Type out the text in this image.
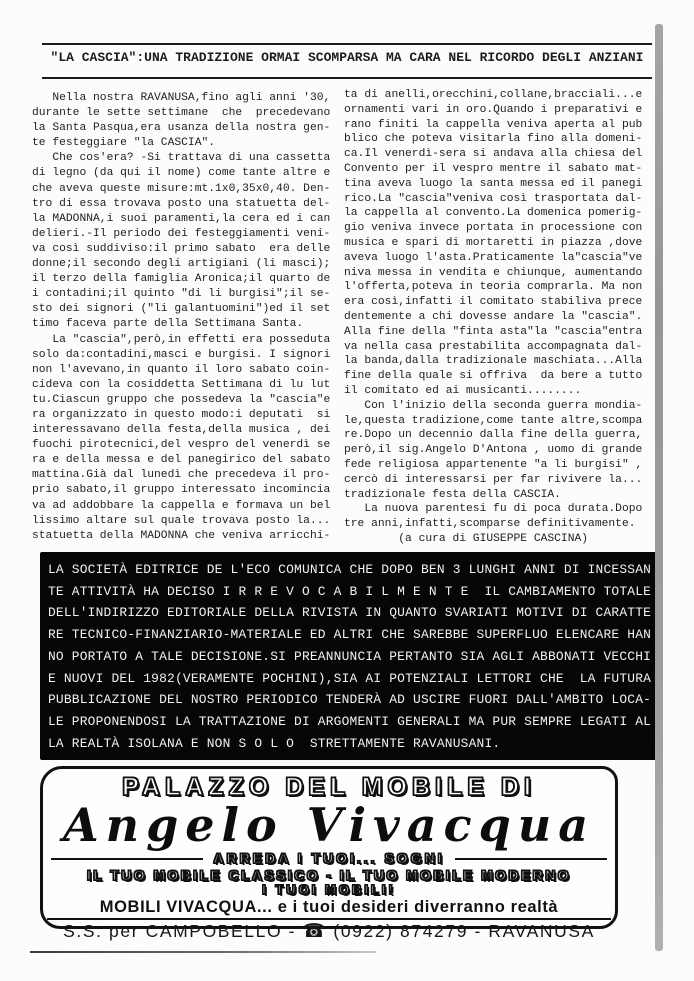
"LA CASCIA":UNA TRADIZIONE ORMAI SCOMPARSA MA CARA NEL RICORDO DEGLI ANZIANI
Nella nostra RAVANUSA,fino agli anni '30,
durante le sette settimane  che  precedevano
la Santa Pasqua,era usanza della nostra gen-
te festeggiare "la CASCIA".
Che cos'era? -Si trattava di una cassetta
di legno (da qui il nome) come tante altre e
che aveva queste misure:mt.1x0,35x0,40. Den-
tro di essa trovava posto una statuetta del-
la MADONNA,i suoi paramenti,la cera ed i can
delieri.-Il periodo dei festeggiamenti veni-
va così suddiviso:il primo sabato  era delle
donne;il secondo degli artigiani (li masci);
il terzo della famiglia Aronica;il quarto de
i contadini;il quinto "di li burgisi";il se-
sto dei signori ("li galantuomini")ed il set
timo faceva parte della Settimana Santa.
La "cascia",però,in effetti era posseduta
solo da:contadini,masci e burgisi. I signori
non l'avevano,in quanto il loro sabato coin-
cideva con la cosiddetta Settimana di lu lut
tu.Ciascun gruppo che possedeva la "cascia"e
ra organizzato in questo modo:i deputati  si
interessavano della festa,della musica , dei
fuochi pirotecnici,del vespro del venerdì se
ra e della messa e del panegirico del sabato
mattina.Già dal lunedì che precedeva il pro-
prio sabato,il gruppo interessato incomincia
va ad addobbare la cappella e formava un bel
lissimo altare sul quale trovava posto la...
statuetta della MADONNA che veniva arricchi-
ta di anelli,orecchini,collane,bracciali...e
ornamenti vari in oro.Quando i preparativi e
rano finiti la cappella veniva aperta al pub
blico che poteva visitarla fino alla domeni-
ca.Il venerdì-sera si andava alla chiesa del
Convento per il vespro mentre il sabato mat-
tina aveva luogo la santa messa ed il panegi
rico.La "cascia"veniva così trasportata dal-
la cappella al convento.La domenica pomerig-
gio veniva invece portata in processione con
musica e spari di mortaretti in piazza ,dove
aveva luogo l'asta.Praticamente la"cascia"ve
niva messa in vendita e chiunque, aumentando
l'offerta,poteva in teoria comprarla. Ma non
era così,infatti il comitato stabiliva prece
dentemente a chi dovesse andare la "cascia".
Alla fine della "finta asta"la "cascia"entra
va nella casa prestabilita accompagnata dal-
la banda,dalla tradizionale maschiata...Alla
fine della quale si offriva  da bere a tutto
il comitato ed ai musicanti........
Con l'inizio della seconda guerra mondia-
le,questa tradizione,come tante altre,scompa
re.Dopo un decennio dalla fine della guerra,
però,il sig.Angelo D'Antona , uomo di grande
fede religiosa appartenente "a li burgisi" ,
cercò di interessarsi per far rivivere la...
tradizionale festa della CASCIA.
La nuova parentesi fu di poca durata.Dopo
tre anni,infatti,scomparse definitivamente.
(a cura di GIUSEPPE CASCINA)
LA SOCIETÀ EDITRICE DE L'ECO COMUNICA CHE DOPO BEN 3 LUNGHI ANNI DI INCESSAN
TE ATTIVITÀ HA DECISO I R R E V O C A B I L M E N T E  IL CAMBIAMENTO TOTALE
DELL'INDIRIZZO EDITORIALE DELLA RIVISTA IN QUANTO SVARIATI MOTIVI DI CARATTE
RE TECNICO-FINANZIARIO-MATERIALE ED ALTRI CHE SAREBBE SUPERFLUO ELENCARE HAN
NO PORTATO A TALE DECISIONE.SI PREANNUNCIA PERTANTO SIA AGLI ABBONATI VECCHI
E NUOVI DEL 1982(VERAMENTE POCHINI),SIA AI POTENZIALI LETTORI CHE  LA FUTURA
PUBBLICAZIONE DEL NOSTRO PERIODICO TENDERÀ AD USCIRE FUORI DALL'AMBITO LOCA-
LE PROPONENDOSI LA TRATTAZIONE DI ARGOMENTI GENERALI MA PUR SEMPRE LEGATI AL
LA REALTÀ ISOLANA E NON S O L O  STRETTAMENTE RAVANUSANI.
PALAZZO DEL MOBILE DI
Angelo Vivacqua
ARREDA I TUOI... SOGNI
IL TUO MOBILE CLASSICO - IL TUO MOBILE MODERNO
I TUOI MOBILI!
MOBILI VIVACQUA... e i tuoi desideri diverranno realtà
S.S. per CAMPOBELLO - ☎ (0922) 874279 - RAVANUSA
